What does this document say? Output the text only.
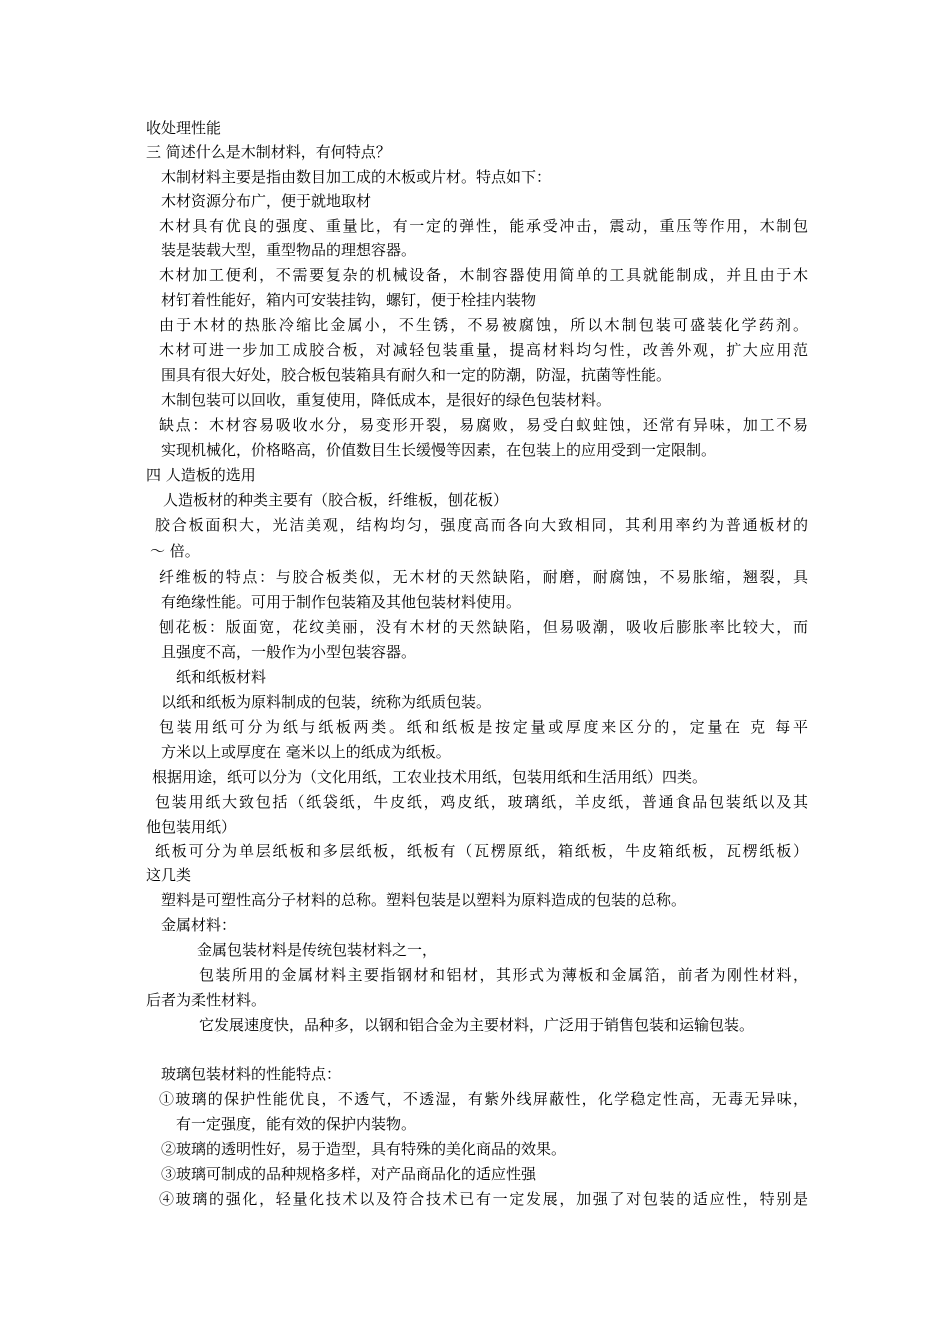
收处理性能
三 简述什么是木制材料，有何特点？
木制材料主要是指由数目加工成的木板或片材。特点如下：
木材资源分布广，便于就地取材
木材具有优良的强度、重量比，有一定的弹性，能承受冲击，震动，重压等作用，木制包
装是装载大型，重型物品的理想容器。
木材加工便利，不需要复杂的机械设备，木制容器使用简单的工具就能制成，并且由于木
材钉着性能好，箱内可安装挂钩，螺钉，便于栓挂内装物
由于木材的热胀冷缩比金属小，不生锈，不易被腐蚀，所以木制包装可盛装化学药剂。
木材可进一步加工成胶合板，对减轻包装重量，提高材料均匀性，改善外观，扩大应用范
围具有很大好处，胶合板包装箱具有耐久和一定的防潮，防湿，抗菌等性能。
木制包装可以回收，重复使用，降低成本，是很好的绿色包装材料。
缺点：木材容易吸收水分，易变形开裂，易腐败，易受白蚁蛀蚀，还常有异味，加工不易
实现机械化，价格略高，价值数目生长缓慢等因素，在包装上的应用受到一定限制。
四 人造板的选用
人造板材的种类主要有（胶合板，纤维板，刨花板）
胶合板面积大，光洁美观，结构均匀，强度高而各向大致相同，其利用率约为普通板材的
～ 倍。
纤维板的特点：与胶合板类似，无木材的天然缺陷，耐磨，耐腐蚀，不易胀缩，翘裂，具
有绝缘性能。可用于制作包装箱及其他包装材料使用。
刨花板：版面宽，花纹美丽，没有木材的天然缺陷，但易吸潮，吸收后膨胀率比较大，而
且强度不高，一般作为小型包装容器。
纸和纸板材料
以纸和纸板为原料制成的包装，统称为纸质包装。
包装用纸可分为纸与纸板两类。纸和纸板是按定量或厚度来区分的，定量在 克 每平
方米以上或厚度在 毫米以上的纸成为纸板。
根据用途，纸可以分为（文化用纸，工农业技术用纸，包装用纸和生活用纸）四类。
包装用纸大致包括（纸袋纸，牛皮纸，鸡皮纸，玻璃纸，羊皮纸，普通食品包装纸以及其
他包装用纸）
纸板可分为单层纸板和多层纸板，纸板有（瓦楞原纸，箱纸板，牛皮箱纸板，瓦楞纸板）
这几类
塑料是可塑性高分子材料的总称。塑料包装是以塑料为原料造成的包装的总称。
金属材料：
金属包装材料是传统包装材料之一，
包装所用的金属材料主要指钢材和铝材，其形式为薄板和金属箔，前者为刚性材料，
后者为柔性材料。
它发展速度快，品种多，以钢和铝合金为主要材料，广泛用于销售包装和运输包装。
玻璃包装材料的性能特点：
①玻璃的保护性能优良，不透气，不透湿，有紫外线屏蔽性，化学稳定性高，无毒无异味，
有一定强度，能有效的保护内装物。
②玻璃的透明性好，易于造型，具有特殊的美化商品的效果。
③玻璃可制成的品种规格多样，对产品商品化的适应性强
④玻璃的强化，轻量化技术以及符合技术已有一定发展，加强了对包装的适应性，特别是
